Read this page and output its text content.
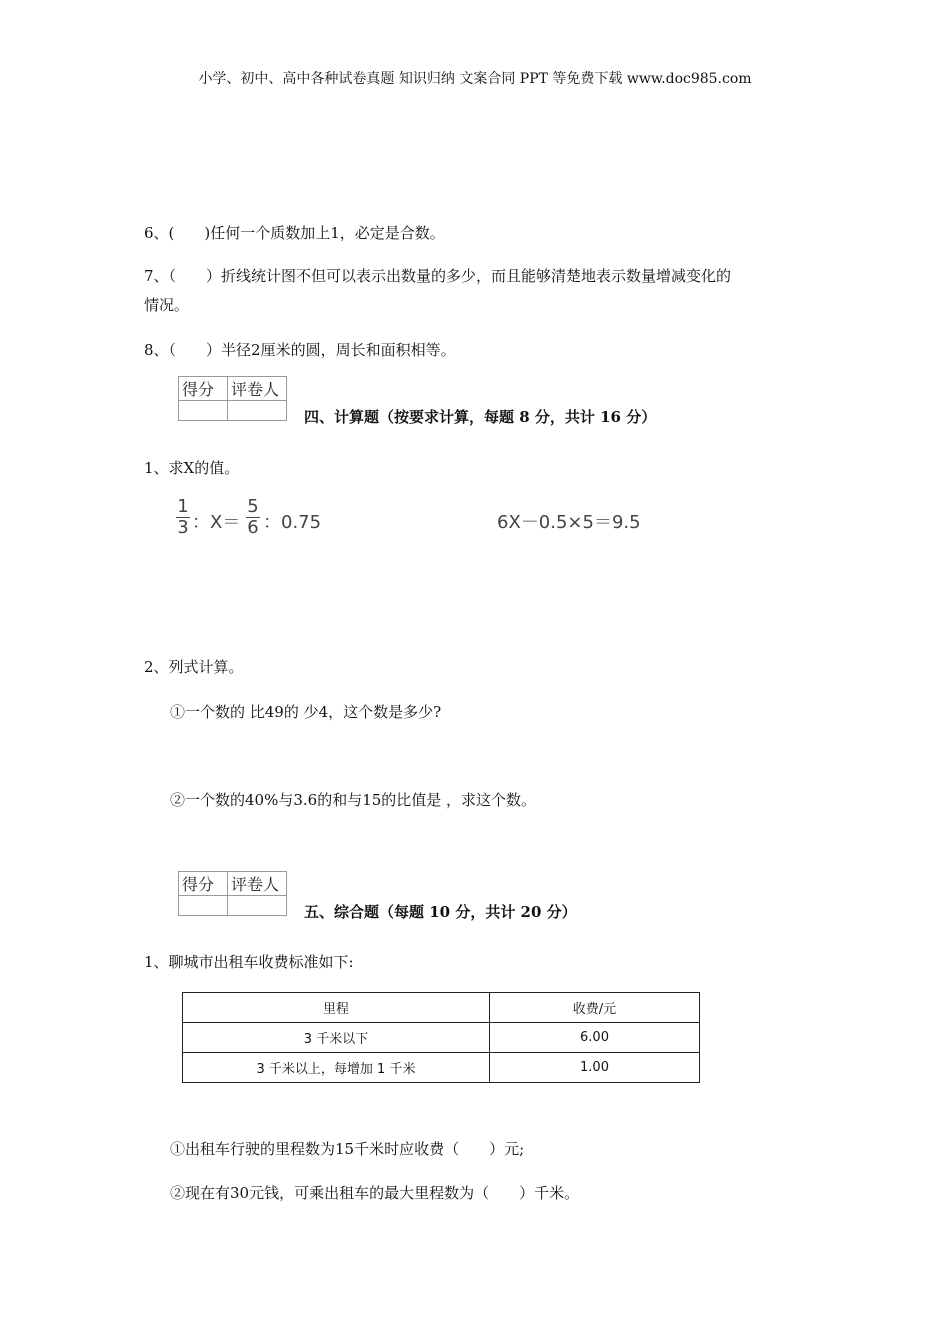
小学、初中、高中各种试卷真题 知识归纳 文案合同 PPT 等免费下载 www.doc985.com
6、(　　)任何一个质数加上1，必定是合数。
7、（　　）折线统计图不但可以表示出数量的多少，而且能够清楚地表示数量增减变化的
情况。
8、（　　）半径2厘米的圆，周长和面积相等。
得分	评卷人

四、计算题（按要求计算，每题 8 分，共计 16 分）
1、求X的值。
1
3 ：X＝
5
6 ：0.75	6X－0.5×5＝9.5
2、列式计算。
①一个数的 比49的 少4，这个数是多少?
②一个数的40%与3.6的和与15的比值是 ，求这个数。
得分	评卷人

五、综合题（每题 10 分，共计 20 分）
1、聊城市出租车收费标准如下:
里程	收费/元
3 千米以下	6.00
3 千米以上，每增加 1 千米	1.00
①出租车行驶的里程数为15千米时应收费（　　）元;
②现在有30元钱，可乘出租车的最大里程数为（　　）千米。
